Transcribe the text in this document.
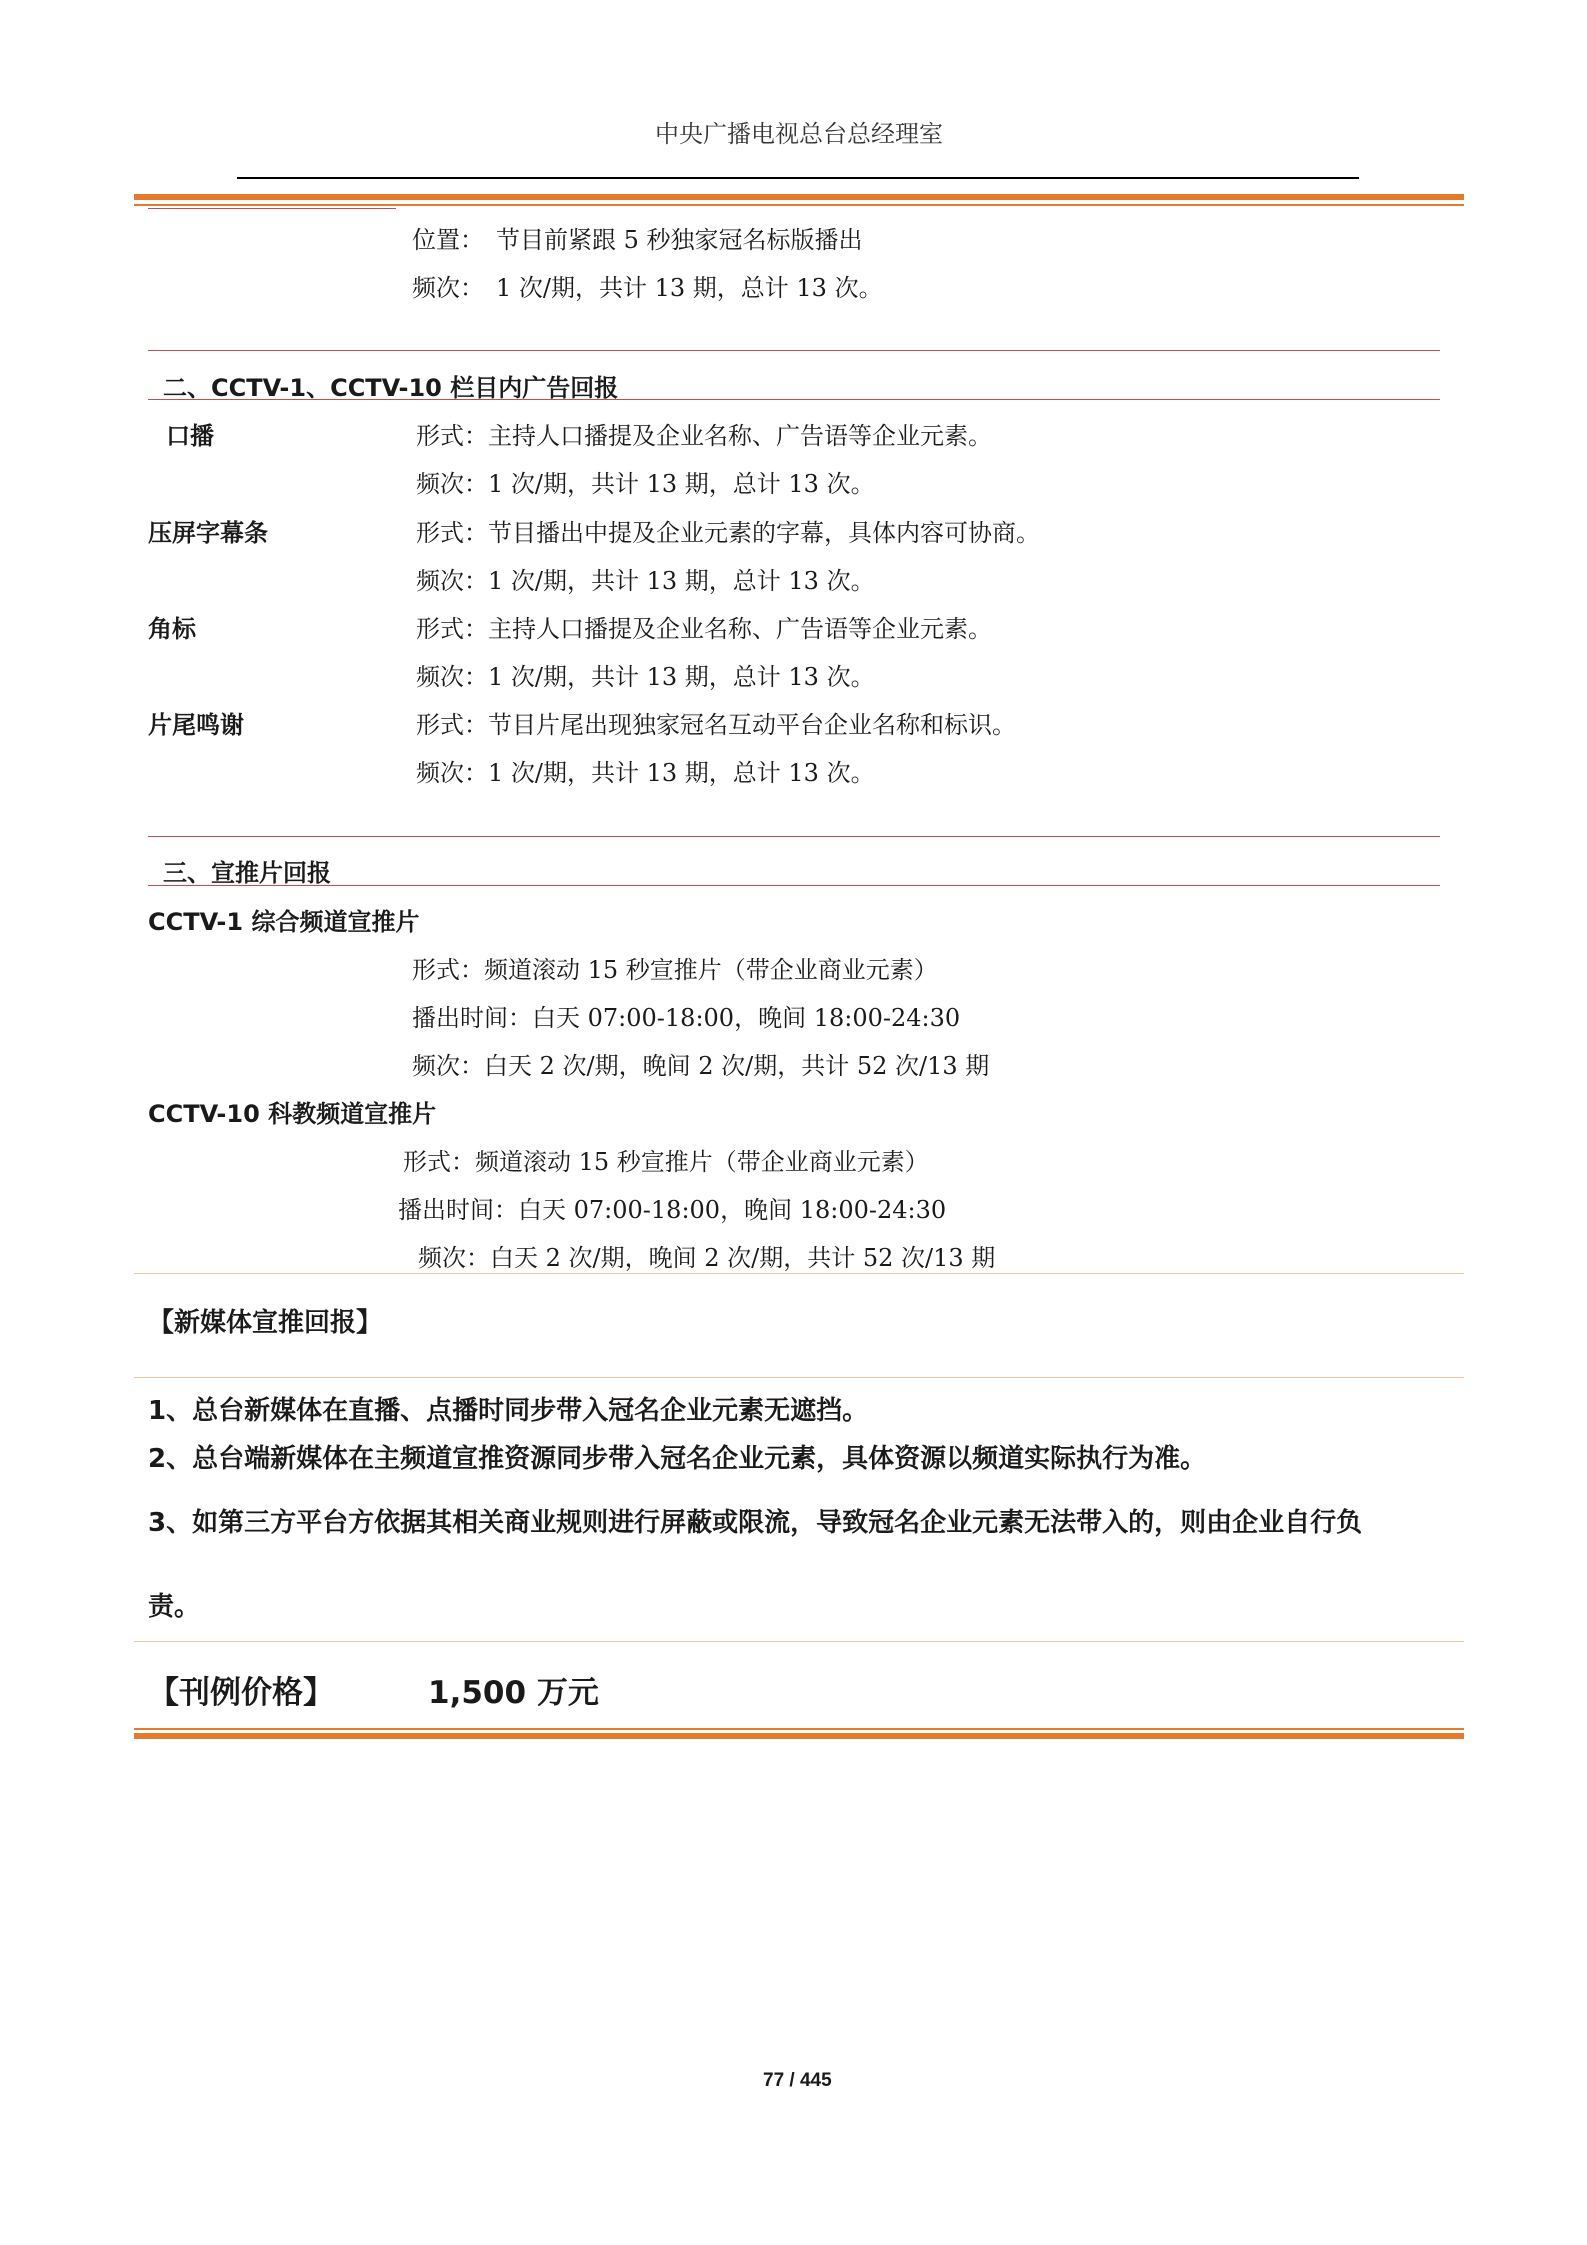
中央广播电视总台总经理室
位置：　节目前紧跟 5 秒独家冠名标版播出
频次：　1 次/期，共计 13 期，总计 13 次。
二、CCTV-1、CCTV-10 栏目内广告回报
口播	形式：主持人口播提及企业名称、广告语等企业元素。
频次：1 次/期，共计 13 期，总计 13 次。
压屏字幕条	形式：节目播出中提及企业元素的字幕，具体内容可协商。
频次：1 次/期，共计 13 期，总计 13 次。
角标	形式：主持人口播提及企业名称、广告语等企业元素。
频次：1 次/期，共计 13 期，总计 13 次。
片尾鸣谢	形式：节目片尾出现独家冠名互动平台企业名称和标识。
频次：1 次/期，共计 13 期，总计 13 次。
三、宣推片回报
CCTV-1 综合频道宣推片
形式：频道滚动 15 秒宣推片（带企业商业元素）
播出时间：白天 07:00-18:00，晚间 18:00-24:30
频次：白天 2 次/期，晚间 2 次/期，共计 52 次/13 期
CCTV-10 科教频道宣推片
形式：频道滚动 15 秒宣推片（带企业商业元素）
播出时间：白天 07:00-18:00，晚间 18:00-24:30
频次：白天 2 次/期，晚间 2 次/期，共计 52 次/13 期
【新媒体宣推回报】
1、总台新媒体在直播、点播时同步带入冠名企业元素无遮挡。
2、总台端新媒体在主频道宣推资源同步带入冠名企业元素，具体资源以频道实际执行为准。
3、如第三方平台方依据其相关商业规则进行屏蔽或限流，导致冠名企业元素无法带入的，则由企业自行负
责。
【刊例价格】	1,500 万元
77 / 445
